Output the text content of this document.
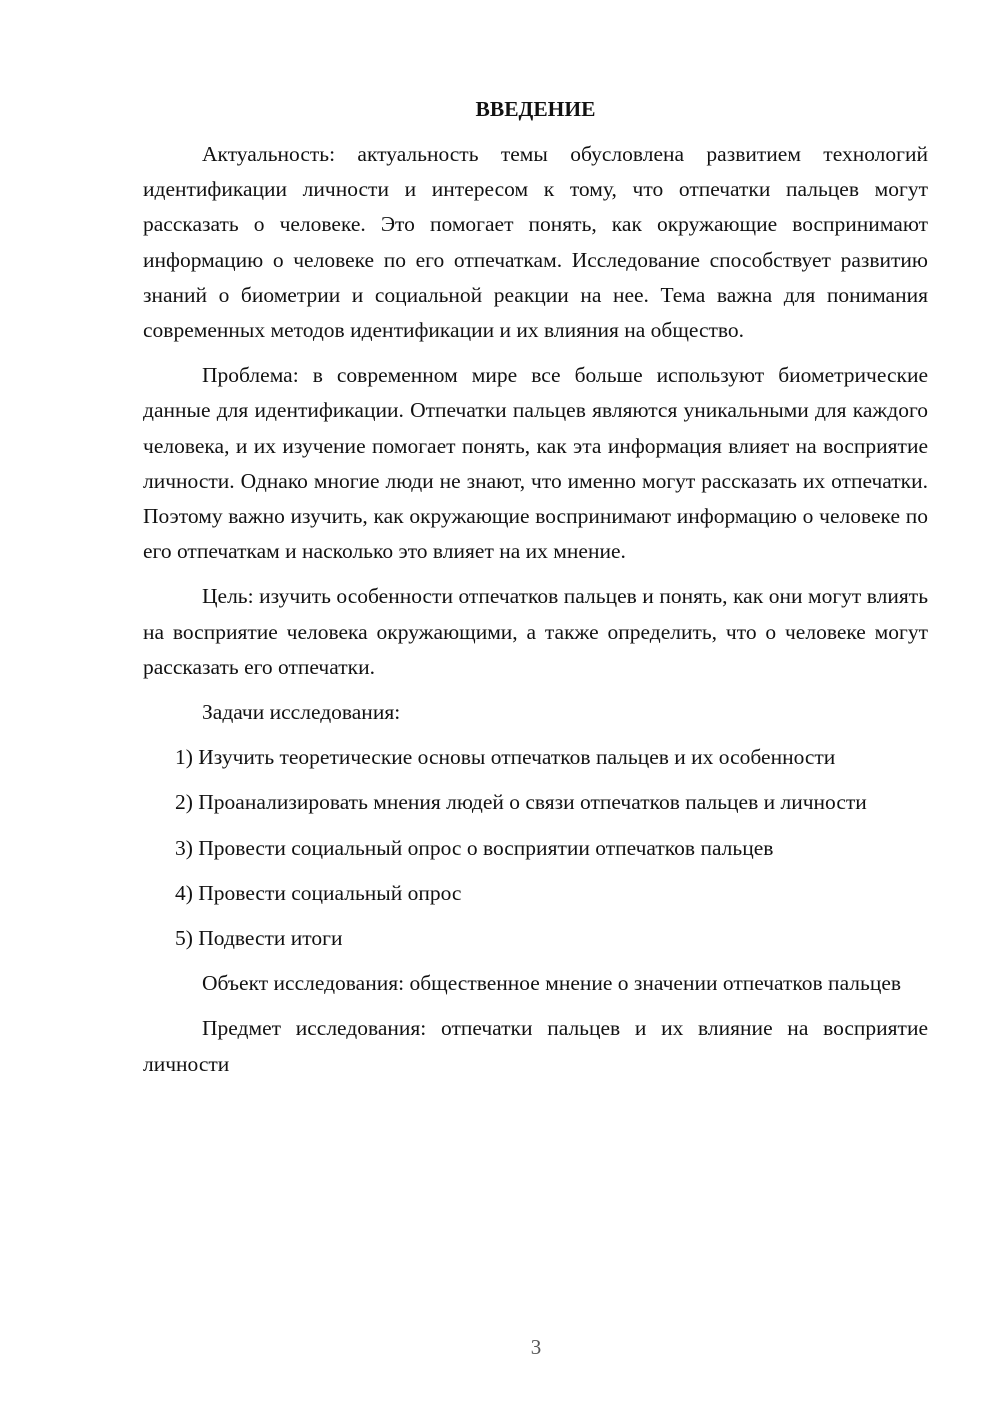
ВВЕДЕНИЕ

Актуальность: актуальность темы обусловлена развитием технологий идентификации личности и интересом к тому, что отпечатки пальцев могут рассказать о человеке. Это помогает понять, как окружающие воспринимают информацию о человеке по его отпечаткам. Исследование способствует развитию знаний о биометрии и социальной реакции на нее. Тема важна для понимания современных методов идентификации и их влияния на общество.

Проблема: в современном мире все больше используют биометрические данные для идентификации. Отпечатки пальцев являются уникальными для каждого человека, и их изучение помогает понять, как эта информация влияет на восприятие личности. Однако многие люди не знают, что именно могут рассказать их отпечатки. Поэтому важно изучить, как окружающие воспринимают информацию о человеке по его отпечаткам и насколько это влияет на их мнение.

Цель: изучить особенности отпечатков пальцев и понять, как они могут влиять на восприятие человека окружающими, а также определить, что о человеке могут рассказать его отпечатки.

Задачи исследования:

1) Изучить теоретические основы отпечатков пальцев и их особенности

2) Проанализировать мнения людей о связи отпечатков пальцев и личности

3) Провести социальный опрос о восприятии отпечатков пальцев

4) Провести социальный опрос

5) Подвести итоги

Объект исследования: общественное мнение о значении отпечатков пальцев

Предмет исследования: отпечатки пальцев и их влияние на восприятие личности

3
